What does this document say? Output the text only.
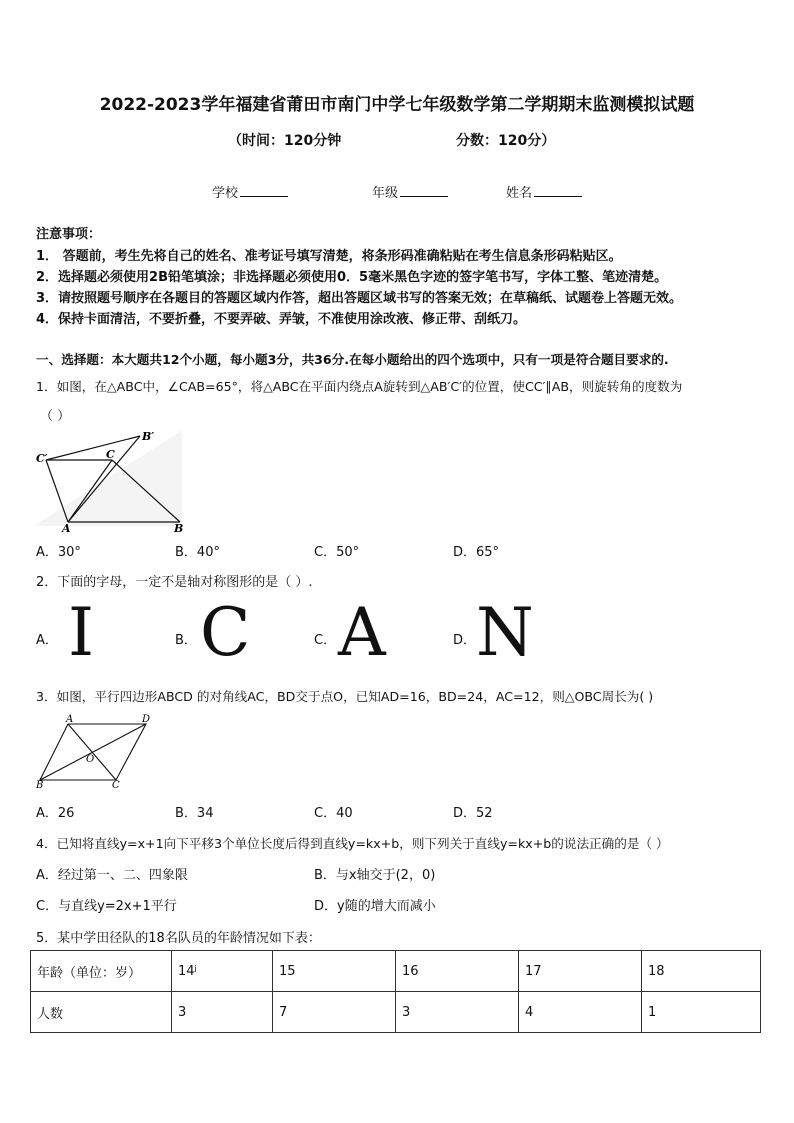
2022-2023学年福建省莆田市南门中学七年级数学第二学期期末监测模拟试题
（时间：120分钟	分数：120分）
学校	年级	姓名
注意事项：
1． 答题前，考生先将自己的姓名、准考证号填写清楚，将条形码准确粘贴在考生信息条形码粘贴区。
2．选择题必须使用2B铅笔填涂；非选择题必须使用0．5毫米黑色字迹的签字笔书写，字体工整、笔迹清楚。
3．请按照题号顺序在各题目的答题区域内作答，超出答题区域书写的答案无效；在草稿纸、试题卷上答题无效。
4．保持卡面清洁，不要折叠，不要弄破、弄皱，不准使用涂改液、修正带、刮纸刀。
一、选择题：本大题共12个小题，每小题3分，共36分.在每小题给出的四个选项中，只有一项是符合题目要求的.
1．如图，在△ABC中，∠CAB=65°，将△ABC在平面内绕点A旋转到△AB′C′的位置，使CC′∥AB，则旋转角的度数为
（ ）
C′	C
B′
A	B
A．30°	B．40°	C．50°	D．65°
2．下面的字母，一定不是轴对称图形的是（ ）.
A． I	B． C	C． A	D． N
3．如图，平行四边形ABCD 的对角线AC，BD交于点O，已知AD=16，BD=24，AC=12，则△OBC周长为( )
A	D
O
B	C
A．26	B．34	C．40	D．52
4．已知将直线y=x+1向下平移3个单位长度后得到直线y=kx+b，则下列关于直线y=kx+b的说法正确的是（ ）
A．经过第一、二、四象限	B．与x轴交于(2，0)
C．与直线y=2x+1平行	D．y随的增大而减小
5．某中学田径队的18名队员的年龄情况如下表：
年龄（单位：岁）	14ʲ	15	16	17	18
人数	3	7	3	4	1
